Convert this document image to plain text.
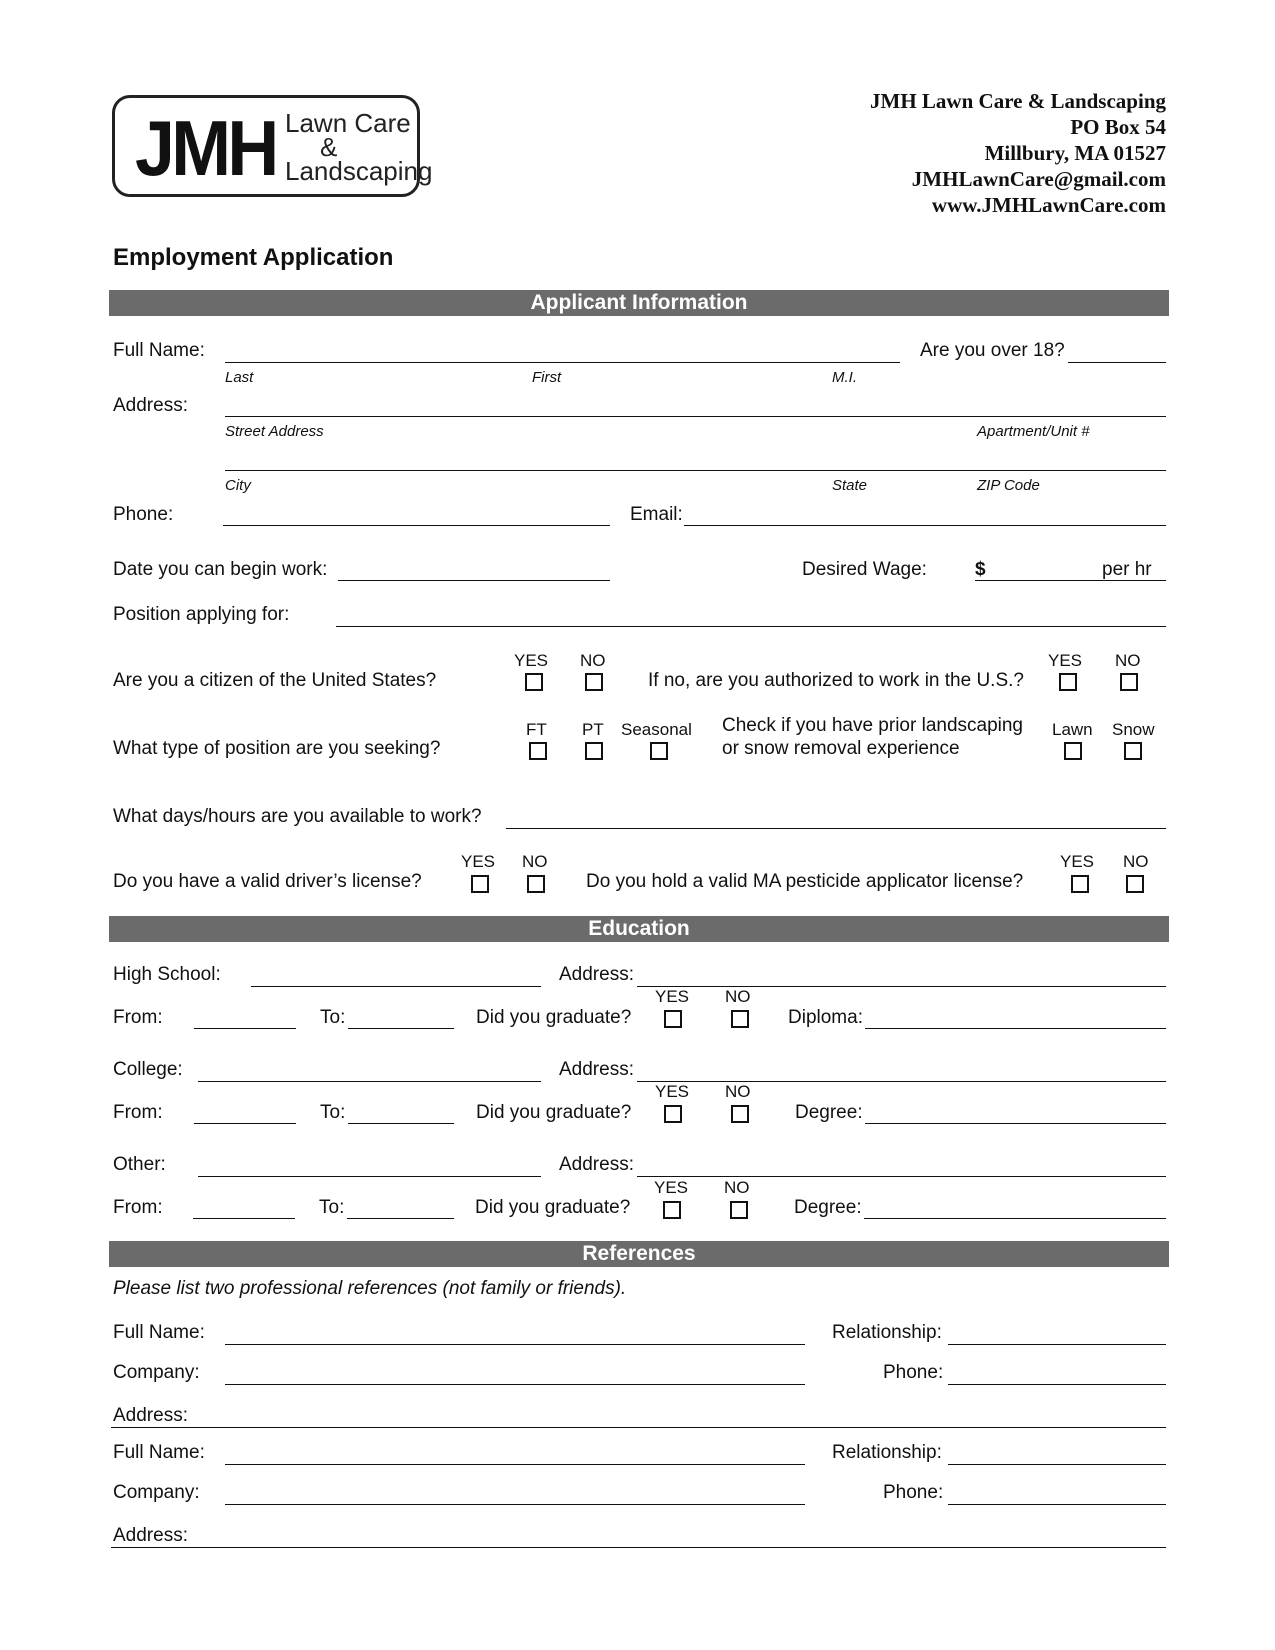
JMH Lawn Care
&
Landscaping
JMH Lawn Care & Landscaping
PO Box 54
Millbury, MA 01527
JMHLawnCare@gmail.com
www.JMHLawnCare.com
Employment Application
Applicant Information
Full Name:	Are you over 18?
Last	First	M.I.
Address:
Street Address	Apartment/Unit #
City	State	ZIP Code
Phone:	Email:
Date you can begin work:	Desired Wage:	$	per hr
Position applying for:
YES NO
Are you a citizen of the United States?
YES NO
If no, are you authorized to work in the U.S.?
FT PT Seasonal
What type of position are you seeking?
Check if you have prior landscaping
or snow removal experience
Lawn Snow
What days/hours are you available to work?
YES NO
Do you have a valid driver’s license?	Do you hold a valid MA pesticide applicator license?
YES NO
Education
High School:	Address:
YES NO
From:	To:	Did you graduate?	Diploma:
College:	Address:
YES NO
From:	To:	Did you graduate?	Degree:
Other:	Address:
YES NO
From:	To:	Did you graduate?	Degree:
References
Please list two professional references (not family or friends).
Full Name:	Relationship:
Company:	Phone:
Address:
Full Name:	Relationship:
Company:	Phone:
Address:
